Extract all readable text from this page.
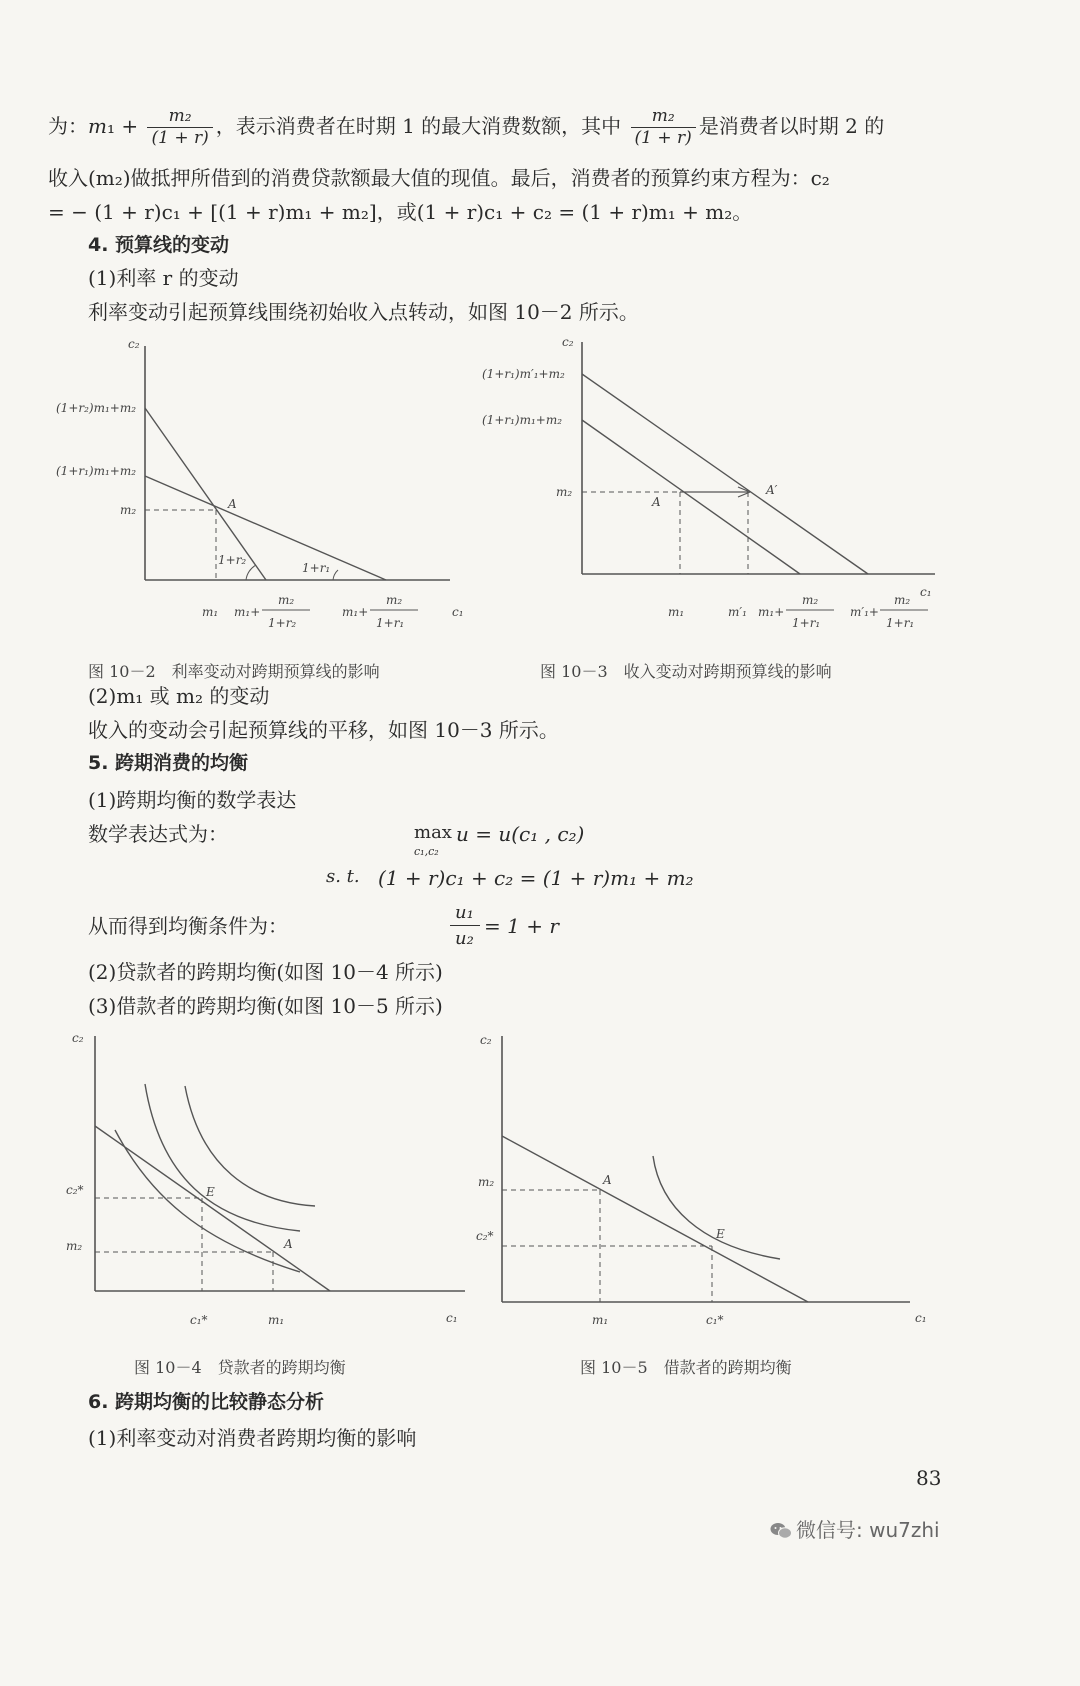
为：$m_1 + \frac{\text{m₂}}{(1 + r)}$ ，表示消费者在时期 1 的最大消费数额，其中 $\frac{\text{m₂}}{(1 + r)}$ 是消费者以时期 2 的
收入(m₂)做抵押所借到的消费贷款额最大值的现值。最后，消费者的预算约束方程为：c₂
= − (1 + r)c₁ + [(1 + r)m₁ + m₂]，或(1 + r)c₁ + c₂ = (1 + r)m₁ + m₂。
4. 预算线的变动
(1)利率 r 的变动
利率变动引起预算线围绕初始收入点转动，如图 10－2 所示。
c₂
(1+r₂)m₁+m₂
(1+r₁)m₁+m₂
m₂	A
1+r₂
1+r₁
m₁ m₁+
m₂
1+r₂
m₁+
m₂
1+r₁
c₁
c₂
(1+r₁)m′₁+m₂
(1+r₁)m₁+m₂
m₂
A
A′
c₁
m₁	m′₁ m₁+
m₂
1+r₁
m′₁+
m₂
1+r₁
图 10－2　利率变动对跨期预算线的影响	图 10－3　收入变动对跨期预算线的影响
(2)m₁ 或 m₂ 的变动
收入的变动会引起预算线的平移，如图 10－3 所示。
5. 跨期消费的均衡
(1)跨期均衡的数学表达
数学表达式为：	max
c₁,c₂
u = u(c₁ , c₂)
s. t. (1 + r)c₁ + c₂ = (1 + r)m₁ + m₂
从而得到均衡条件为：
u₁
u₂
= 1 + r
(2)贷款者的跨期均衡(如图 10－4 所示)
(3)借款者的跨期均衡(如图 10－5 所示)
c₂
c₂*
m₂
E
A
c₁*	m₁	c₁
c₂
m₂
c₂*
A
E
m₁	c₁*	c₁
图 10－4　贷款者的跨期均衡	图 10－5　借款者的跨期均衡
6. 跨期均衡的比较静态分析
(1)利率变动对消费者跨期均衡的影响
83
微信号: wu7zhi
